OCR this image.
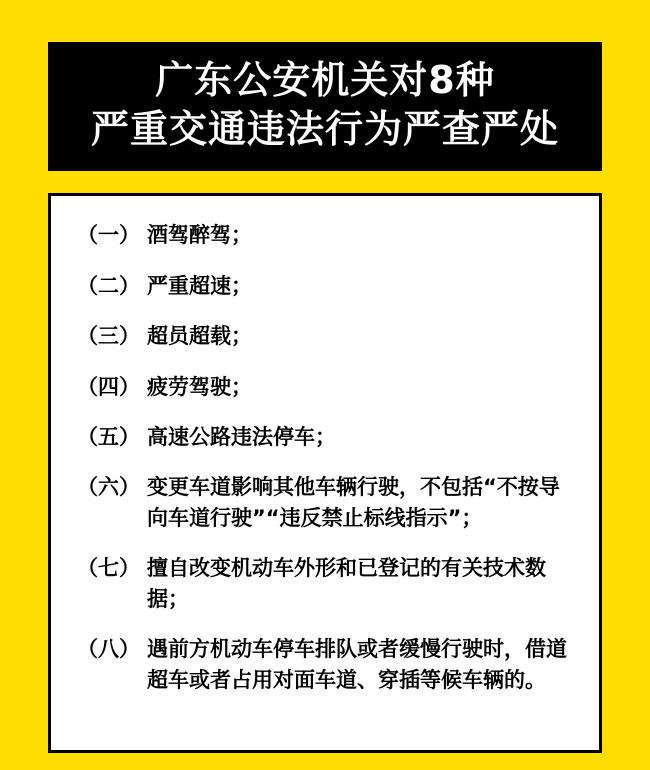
广东公安机关对8种
严重交通违法行为严查严处
（一） 酒驾醉驾；
（二） 严重超速；
（三） 超员超载；
（四） 疲劳驾驶；
（五） 高速公路违法停车；
（六） 变更车道影响其他车辆行驶，不包括“不按导向车道行驶”“违反禁止标线指示”；
（七） 擅自改变机动车外形和已登记的有关技术数据；
（八） 遇前方机动车停车排队或者缓慢行驶时，借道超车或者占用对面车道、穿插等候车辆的。
